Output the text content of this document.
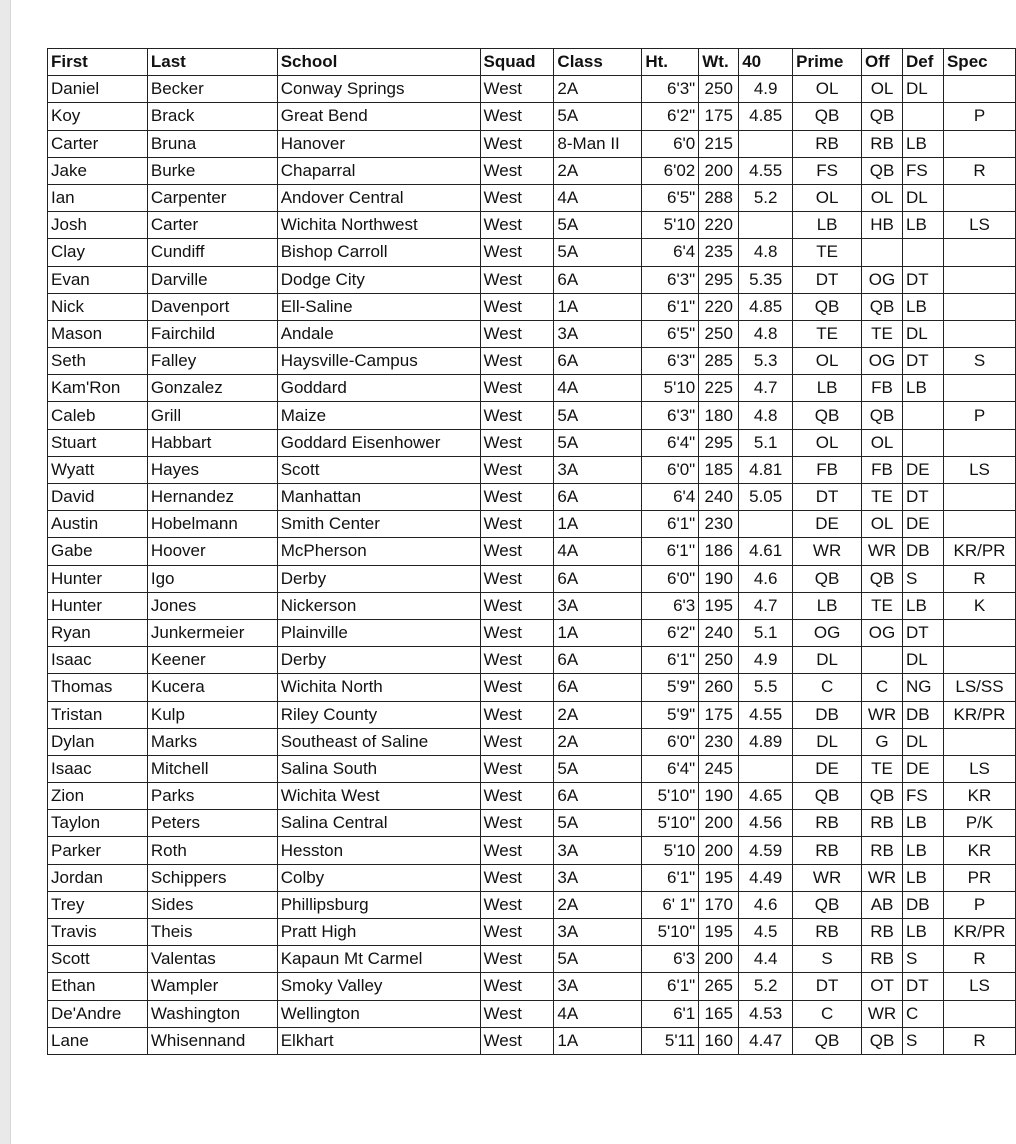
First	Last	School	Squad	Class	Ht.	Wt.	40	Prime	Off	Def	Spec
Daniel	Becker	Conway Springs	West	2A	6'3"	250	4.9	OL	OL	DL	
Koy	Brack	Great Bend	West	5A	6'2"	175	4.85	QB	QB		P
Carter	Bruna	Hanover	West	8-Man II	6'0	215		RB	RB	LB	
Jake	Burke	Chaparral	West	2A	6'02	200	4.55	FS	QB	FS	R
Ian	Carpenter	Andover Central	West	4A	6'5"	288	5.2	OL	OL	DL	
Josh	Carter	Wichita Northwest	West	5A	5'10	220		LB	HB	LB	LS
Clay	Cundiff	Bishop Carroll	West	5A	6'4	235	4.8	TE			
Evan	Darville	Dodge City	West	6A	6'3"	295	5.35	DT	OG	DT	
Nick	Davenport	Ell-Saline	West	1A	6'1"	220	4.85	QB	QB	LB	
Mason	Fairchild	Andale	West	3A	6'5"	250	4.8	TE	TE	DL	
Seth	Falley	Haysville-Campus	West	6A	6'3"	285	5.3	OL	OG	DT	S
Kam'Ron	Gonzalez	Goddard	West	4A	5'10	225	4.7	LB	FB	LB	
Caleb	Grill	Maize	West	5A	6'3"	180	4.8	QB	QB		P
Stuart	Habbart	Goddard Eisenhower	West	5A	6'4"	295	5.1	OL	OL		
Wyatt	Hayes	Scott	West	3A	6'0"	185	4.81	FB	FB	DE	LS
David	Hernandez	Manhattan	West	6A	6'4	240	5.05	DT	TE	DT	
Austin	Hobelmann	Smith Center	West	1A	6'1"	230		DE	OL	DE	
Gabe	Hoover	McPherson	West	4A	6'1''	186	4.61	WR	WR	DB	KR/PR
Hunter	Igo	Derby	West	6A	6'0"	190	4.6	QB	QB	S	R
Hunter	Jones	Nickerson	West	3A	6'3	195	4.7	LB	TE	LB	K
Ryan	Junkermeier	Plainville	West	1A	6'2"	240	5.1	OG	OG	DT	
Isaac	Keener	Derby	West	6A	6'1"	250	4.9	DL		DL	
Thomas	Kucera	Wichita North	West	6A	5'9"	260	5.5	C	C	NG	LS/SS
Tristan	Kulp	Riley County	West	2A	5'9"	175	4.55	DB	WR	DB	KR/PR
Dylan	Marks	Southeast of Saline	West	2A	6'0"	230	4.89	DL	G	DL	
Isaac	Mitchell	Salina South	West	5A	6'4"	245		DE	TE	DE	LS
Zion	Parks	Wichita West	West	6A	5'10"	190	4.65	QB	QB	FS	KR
Taylon	Peters	Salina Central	West	5A	5'10"	200	4.56	RB	RB	LB	P/K
Parker	Roth	Hesston	West	3A	5'10	200	4.59	RB	RB	LB	KR
Jordan	Schippers	Colby	West	3A	6'1"	195	4.49	WR	WR	LB	PR
Trey	Sides	Phillipsburg	West	2A	6' 1"	170	4.6	QB	AB	DB	P
Travis	Theis	Pratt High	West	3A	5'10"	195	4.5	RB	RB	LB	KR/PR
Scott	Valentas	Kapaun Mt Carmel	West	5A	6'3	200	4.4	S	RB	S	R
Ethan	Wampler	Smoky Valley	West	3A	6'1"	265	5.2	DT	OT	DT	LS
De'Andre	Washington	Wellington	West	4A	6'1	165	4.53	C	WR	C	
Lane	Whisennand	Elkhart	West	1A	5'11	160	4.47	QB	QB	S	R
